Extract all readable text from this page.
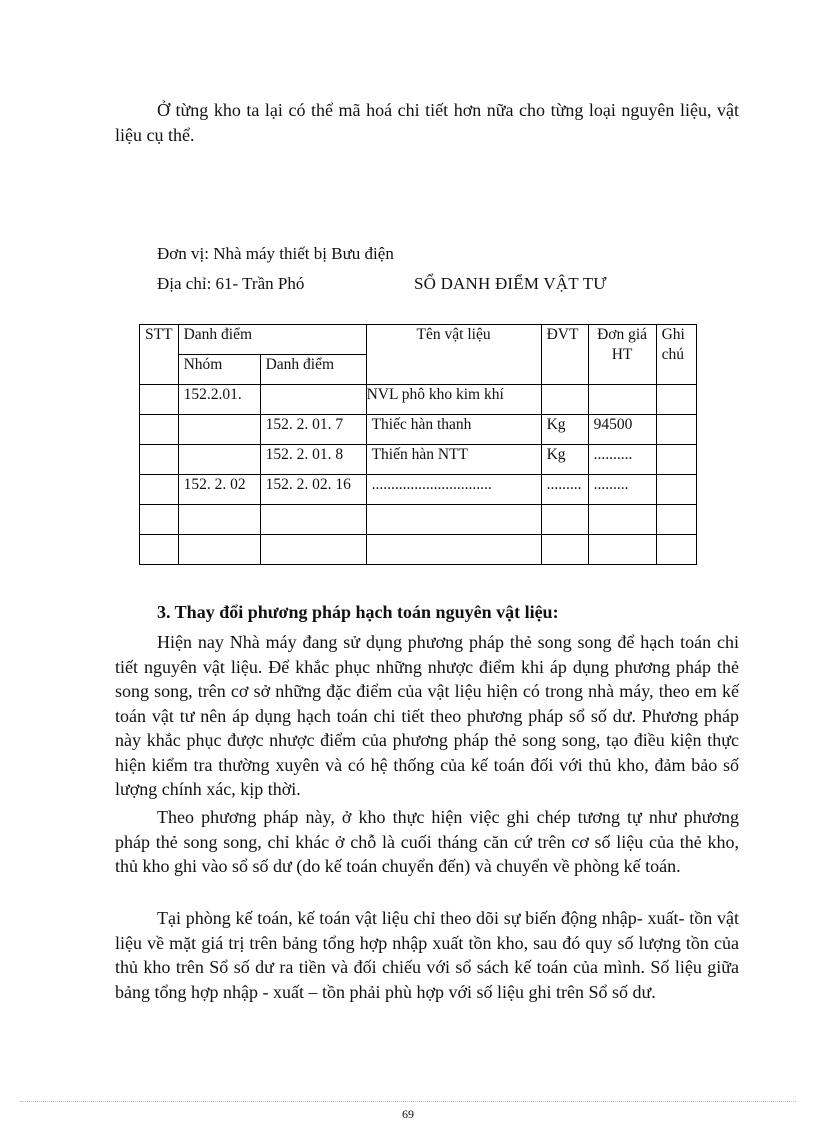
Ở từng kho ta lại có thể mã hoá chi tiết hơn nữa cho từng loại nguyên liệu, vật liệu cụ thể.

Đơn vị: Nhà máy thiết bị Bưu điện
Địa chỉ: 61- Trần Phó	SỔ DANH ĐIỂM VẬT TƯ
STT	Danh điểm		Tên vật liệu	ĐVT	Đơn giá HT	Ghi chú
	Nhóm	Danh điểm				
	152.2.01.		NVL phô kho kim khí			
		152. 2. 01. 7	Thiếc hàn thanh	Kg	94500	
		152. 2. 01. 8	Thiến hàn NTT	Kg	..........	
	152. 2. 02	152. 2. 02. 16	...............................	.........	.........	

3. Thay đổi phương pháp hạch toán nguyên vật liệu:

Hiện nay Nhà máy đang sử dụng phương pháp thẻ song song để hạch toán chi tiết nguyên vật liệu. Để khắc phục những nhược điểm khi áp dụng phương pháp thẻ song song, trên cơ sở những đặc điểm của vật liệu hiện có trong nhà máy, theo em kế toán vật tư nên áp dụng hạch toán chi tiết theo phương pháp sổ số dư. Phương pháp này khắc phục được nhược điểm của phương pháp thẻ song song, tạo điều kiện thực hiện kiểm tra thường xuyên và có hệ thống của kế toán đối với thủ kho, đảm bảo số lượng chính xác, kịp thời.

Theo phương pháp này, ở kho thực hiện việc ghi chép tương tự như phương pháp thẻ song song, chỉ khác ở chỗ là cuối tháng căn cứ trên cơ số liệu của thẻ kho, thủ kho ghi vào sổ số dư (do kế toán chuyển đến) và chuyển về phòng kế toán.

Tại phòng kế toán, kế toán vật liệu chỉ theo dõi sự biến động nhập- xuất- tồn vật liệu về mặt giá trị trên bảng tổng hợp nhập xuất tồn kho, sau đó quy số lượng tồn của thủ kho trên Sổ số dư ra tiền và đối chiếu với sổ sách kế toán của mình. Số liệu giữa bảng tổng hợp nhập - xuất – tồn phải phù hợp với số liệu ghi trên Sổ số dư.

69
